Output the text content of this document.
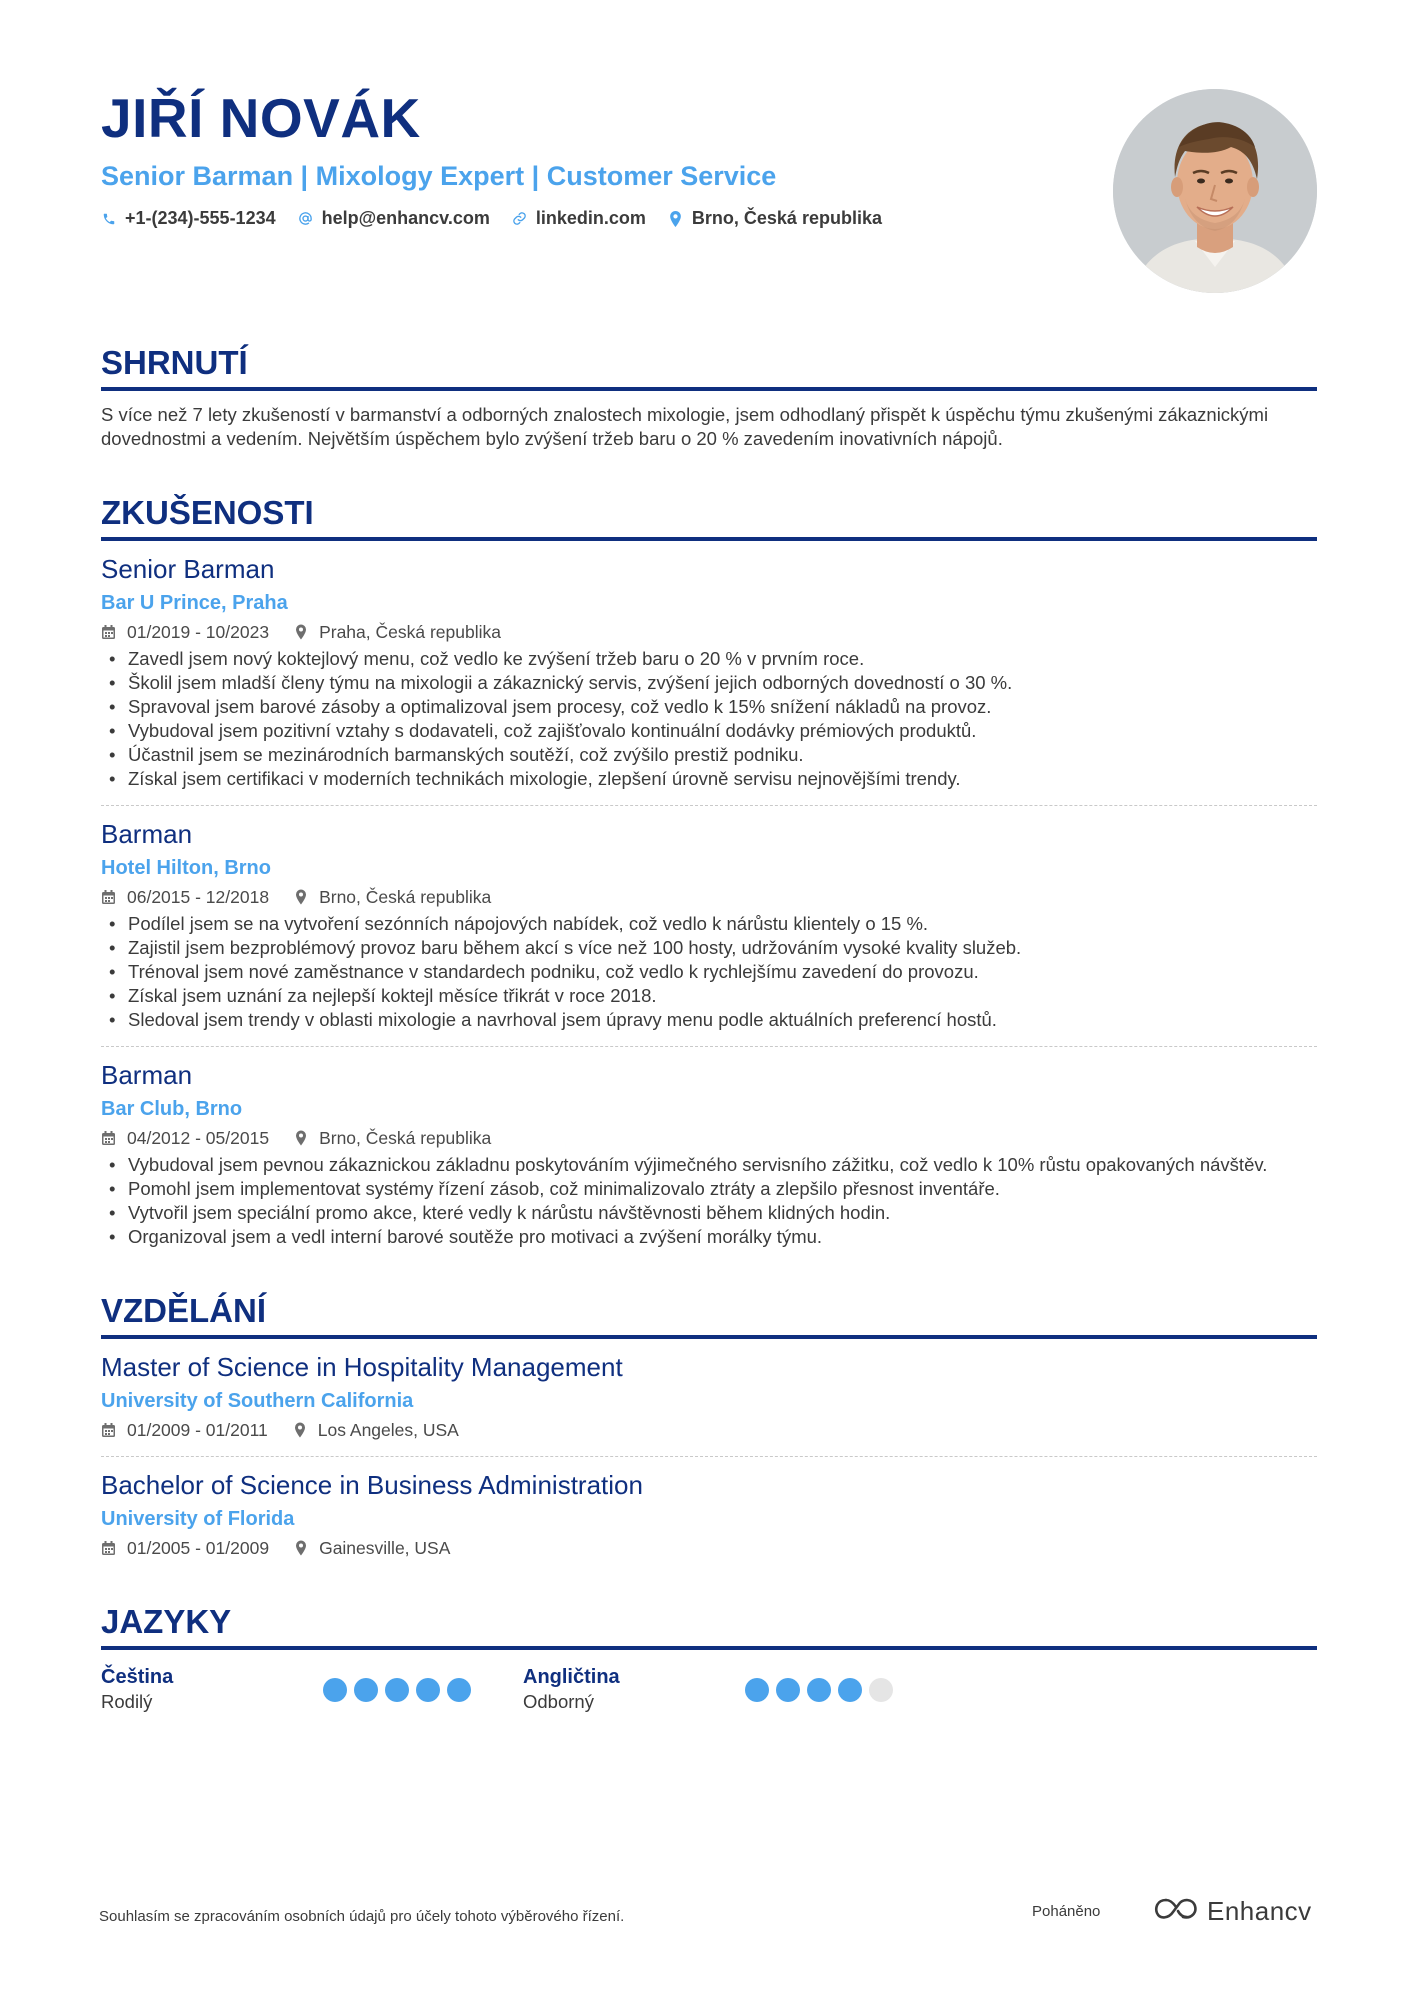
JIŘÍ NOVÁK
Senior Barman | Mixology Expert | Customer Service
+1-(234)-555-1234	help@enhancv.com	linkedin.com	Brno, Česká republika
SHRNUTÍ
S více než 7 lety zkušeností v barmanství a odborných znalostech mixologie, jsem odhodlaný přispět k úspěchu týmu zkušenými zákaznickými dovednostmi a vedením. Největším úspěchem bylo zvýšení tržeb baru o 20 % zavedením inovativních nápojů.
ZKUŠENOSTI
Senior Barman
Bar U Prince, Praha
01/2019 - 10/2023	Praha, Česká republika
• Zavedl jsem nový koktejlový menu, což vedlo ke zvýšení tržeb baru o 20 % v prvním roce.
• Školil jsem mladší členy týmu na mixologii a zákaznický servis, zvýšení jejich odborných dovedností o 30 %.
• Spravoval jsem barové zásoby a optimalizoval jsem procesy, což vedlo k 15% snížení nákladů na provoz.
• Vybudoval jsem pozitivní vztahy s dodavateli, což zajišťovalo kontinuální dodávky prémiových produktů.
• Účastnil jsem se mezinárodních barmanských soutěží, což zvýšilo prestiž podniku.
• Získal jsem certifikaci v moderních technikách mixologie, zlepšení úrovně servisu nejnovějšími trendy.
Barman
Hotel Hilton, Brno
06/2015 - 12/2018	Brno, Česká republika
• Podílel jsem se na vytvoření sezónních nápojových nabídek, což vedlo k nárůstu klientely o 15 %.
• Zajistil jsem bezproblémový provoz baru během akcí s více než 100 hosty, udržováním vysoké kvality služeb.
• Trénoval jsem nové zaměstnance v standardech podniku, což vedlo k rychlejšímu zavedení do provozu.
• Získal jsem uznání za nejlepší koktejl měsíce třikrát v roce 2018.
• Sledoval jsem trendy v oblasti mixologie a navrhoval jsem úpravy menu podle aktuálních preferencí hostů.
Barman
Bar Club, Brno
04/2012 - 05/2015	Brno, Česká republika
• Vybudoval jsem pevnou zákaznickou základnu poskytováním výjimečného servisního zážitku, což vedlo k 10% růstu opakovaných návštěv.
• Pomohl jsem implementovat systémy řízení zásob, což minimalizovalo ztráty a zlepšilo přesnost inventáře.
• Vytvořil jsem speciální promo akce, které vedly k nárůstu návštěvnosti během klidných hodin.
• Organizoval jsem a vedl interní barové soutěže pro motivaci a zvýšení morálky týmu.
VZDĚLÁNÍ
Master of Science in Hospitality Management
University of Southern California
01/2009 - 01/2011	Los Angeles, USA
Bachelor of Science in Business Administration
University of Florida
01/2005 - 01/2009	Gainesville, USA
JAZYKY
Čeština
Rodilý
Angličtina
Odborný
Souhlasím se zpracováním osobních údajů pro účely tohoto výběrového řízení.	Poháněno	Enhancv
